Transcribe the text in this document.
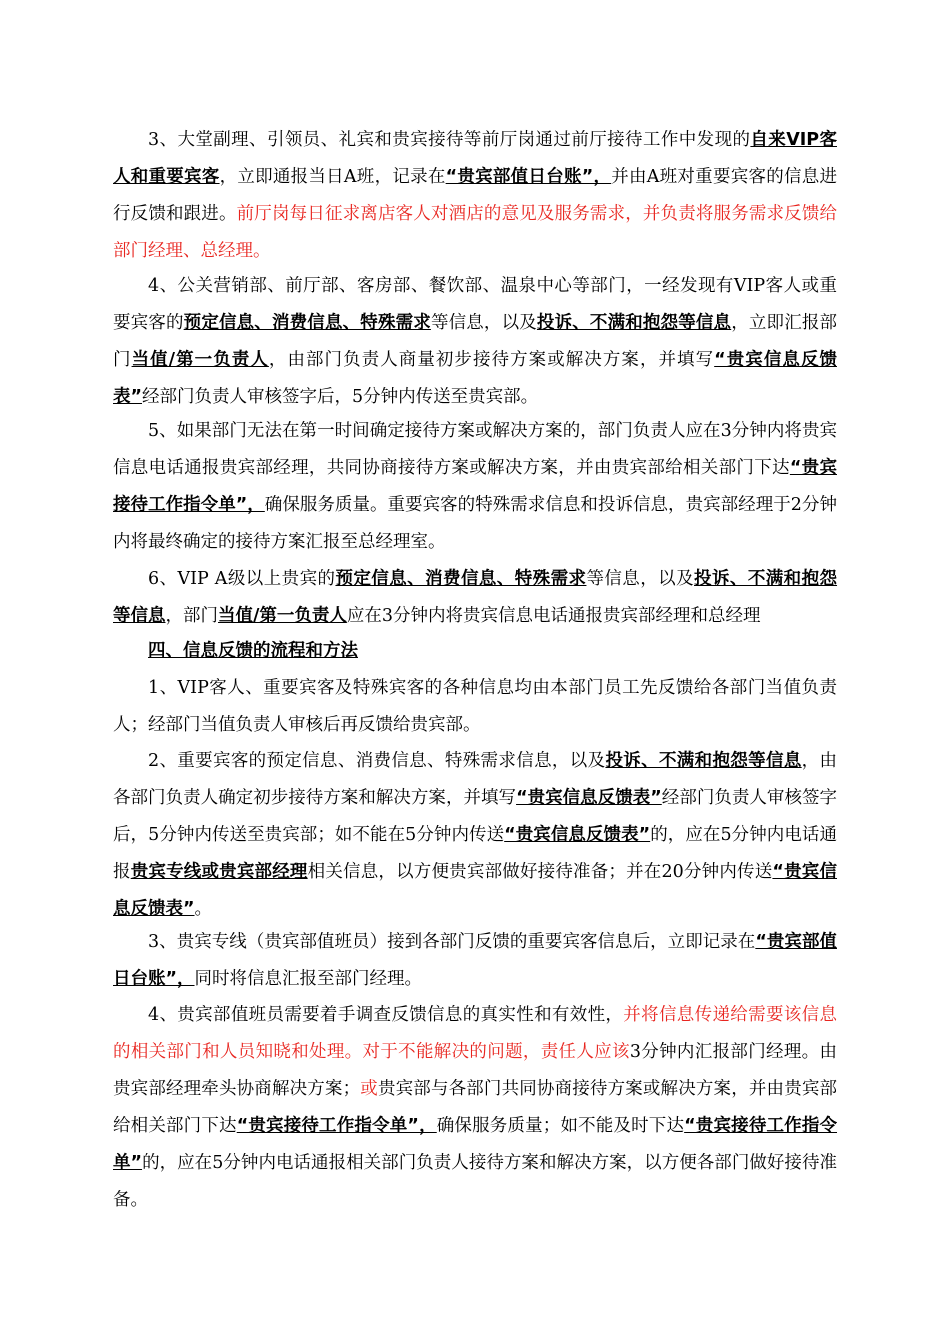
3、大堂副理、引领员、礼宾和贵宾接待等前厅岗通过前厅接待工作中发现的自来VIP客人和重要宾客，立即通报当日A班，记录在“贵宾部值日台账”，并由A班对重要宾客的信息进行反馈和跟进。前厅岗每日征求离店客人对酒店的意见及服务需求，并负责将服务需求反馈给部门经理、总经理。

4、公关营销部、前厅部、客房部、餐饮部、温泉中心等部门，一经发现有VIP客人或重要宾客的预定信息、消费信息、特殊需求等信息，以及投诉、不满和抱怨等信息，立即汇报部门当值/第一负责人，由部门负责人商量初步接待方案或解决方案，并填写“贵宾信息反馈表”经部门负责人审核签字后，5分钟内传送至贵宾部。

5、如果部门无法在第一时间确定接待方案或解决方案的，部门负责人应在3分钟内将贵宾信息电话通报贵宾部经理，共同协商接待方案或解决方案，并由贵宾部给相关部门下达“贵宾接待工作指令单”，确保服务质量。重要宾客的特殊需求信息和投诉信息，贵宾部经理于2分钟内将最终确定的接待方案汇报至总经理室。

6、VIP A级以上贵宾的预定信息、消费信息、特殊需求等信息，以及投诉、不满和抱怨等信息，部门当值/第一负责人应在3分钟内将贵宾信息电话通报贵宾部经理和总经理

四、信息反馈的流程和方法

1、VIP客人、重要宾客及特殊宾客的各种信息均由本部门员工先反馈给各部门当值负责人；经部门当值负责人审核后再反馈给贵宾部。

2、重要宾客的预定信息、消费信息、特殊需求信息，以及投诉、不满和抱怨等信息，由各部门负责人确定初步接待方案和解决方案，并填写“贵宾信息反馈表”经部门负责人审核签字后，5分钟内传送至贵宾部；如不能在5分钟内传送“贵宾信息反馈表”的，应在5分钟内电话通报贵宾专线或贵宾部经理相关信息，以方便贵宾部做好接待准备；并在20分钟内传送“贵宾信息反馈表”。

3、贵宾专线（贵宾部值班员）接到各部门反馈的重要宾客信息后，立即记录在“贵宾部值日台账”，同时将信息汇报至部门经理。

4、贵宾部值班员需要着手调查反馈信息的真实性和有效性，并将信息传递给需要该信息的相关部门和人员知晓和处理。对于不能解决的问题，责任人应该3分钟内汇报部门经理。由贵宾部经理牵头协商解决方案；或贵宾部与各部门共同协商接待方案或解决方案，并由贵宾部给相关部门下达“贵宾接待工作指令单”，确保服务质量；如不能及时下达“贵宾接待工作指令单”的，应在5分钟内电话通报相关部门负责人接待方案和解决方案，以方便各部门做好接待准备。
